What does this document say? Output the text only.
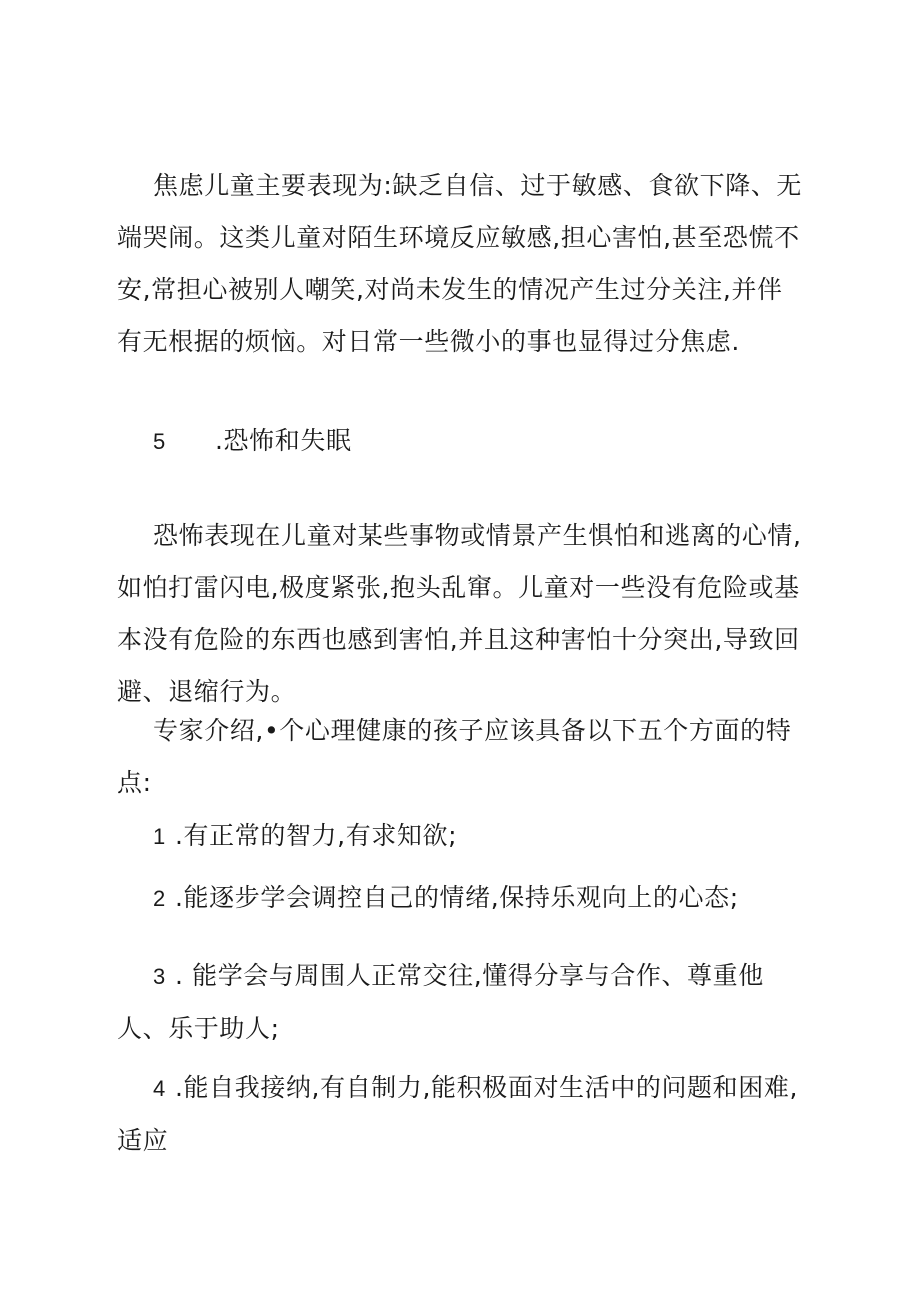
焦虑儿童主要表现为:缺乏自信、过于敏感、食欲下降、无端哭闹。这类儿童对陌生环境反应敏感,担心害怕,甚至恐慌不安,常担心被别人嘲笑,对尚未发生的情况产生过分关注,并伴有无根据的烦恼。对日常一些微小的事也显得过分焦虑.

5 .恐怖和失眠

恐怖表现在儿童对某些事物或情景产生惧怕和逃离的心情,如怕打雷闪电,极度紧张,抱头乱窜。儿童对一些没有危险或基本没有危险的东西也感到害怕,并且这种害怕十分突出,导致回避、退缩行为。

专家介绍,•个心理健康的孩子应该具备以下五个方面的特点:

1 .有正常的智力,有求知欲;

2 .能逐步学会调控自己的情绪,保持乐观向上的心态;

3 . 能学会与周围人正常交往,懂得分享与合作、尊重他人、乐于助人;

4 .能自我接纳,有自制力,能积极面对生活中的问题和困难,适应
